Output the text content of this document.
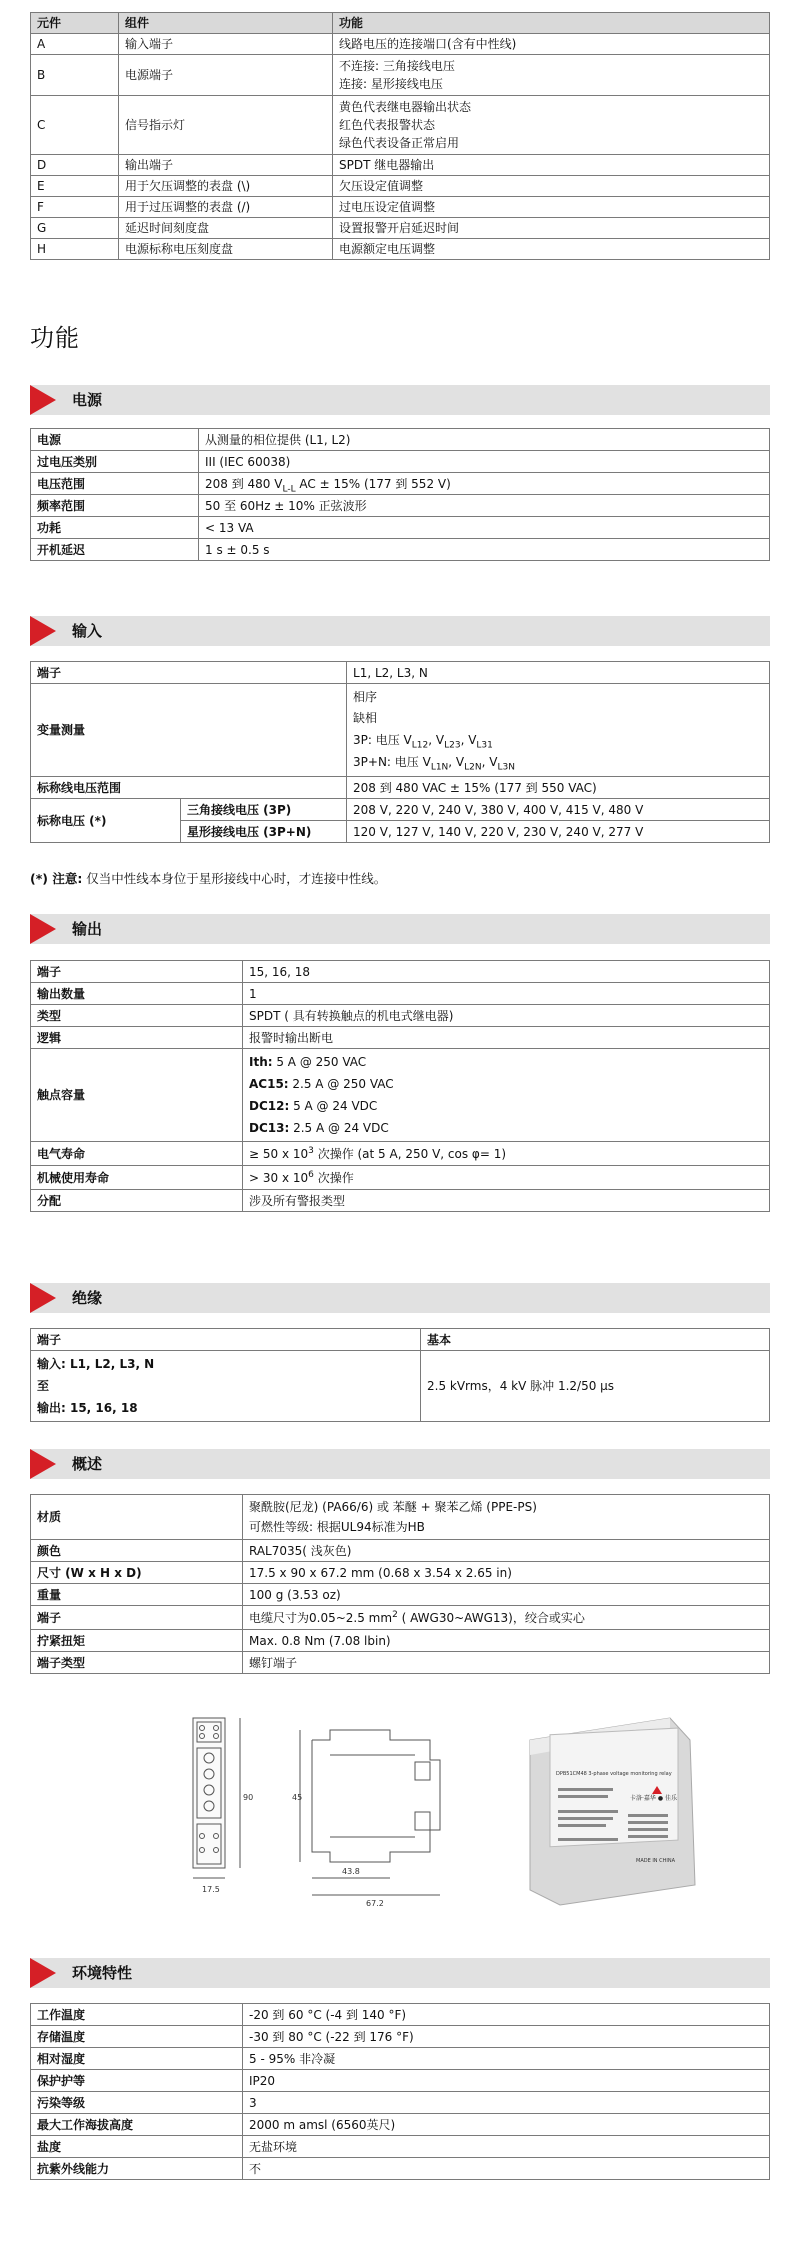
元件	组件	功能
A	输入端子	线路电压的连接端口(含有中性线)
B	电源端子	不连接: 三角接线电压
连接: 星形接线电压

C	信号指示灯	黄色代表继电器输出状态
红色代表报警状态
绿色代表设备正常启用

D	输出端子	SPDT 继电器输出
E	用于欠压调整的表盘 (\)	欠压设定值调整
F	用于过压调整的表盘 (/)	过电压设定值调整
G	延迟时间刻度盘	设置报警开启延迟时间
H	电源标称电压刻度盘	电源额定电压调整
功能
电源
电源	从测量的相位提供 (L1, L2)
过电压类别	III (IEC 60038)
电压范围	208 到 480 $V_{L-L}$ AC ± 15% (177 到 552 V)
频率范围	50 至 60Hz ± 10% 正弦波形
功耗	< 13 VA
开机延迟	1 s ± 0.5 s
输入
端子		L1, L2, L3, N
变量测量		相序
缺相
3P: 电压 $V_{L12}$, $V_{L23}$, $V_{L31}$
3P+N: 电压 $V_{L1N}$, $V_{L2N}$, $V_{L3N}$

标称线电压范围		208 到 480 VAC ± 15% (177 到 550 VAC)
标称电压 (*)	三角接线电压 (3P)	208 V, 220 V, 240 V, 380 V, 400 V, 415 V, 480 V
	星形接线电压 (3P+N)	120 V, 127 V, 140 V, 220 V, 230 V, 240 V, 277 V
(*) 注意: 仅当中性线本身位于星形接线中心时，才连接中性线。
输出
端子	15, 16, 18
输出数量	1
类型	SPDT ( 具有转换触点的机电式继电器)
逻辑	报警时输出断电
触点容量	Ith: 5 A @ 250 VAC
AC15: 2.5 A @ 250 VAC
DC12: 5 A @ 24 VDC
DC13: 2.5 A @ 24 VDC

电气寿命	≥ 50 x $10^3$ 次操作 (at 5 A, 250 V, cos φ= 1)
机械使用寿命	> 30 x $10^6$ 次操作
分配	涉及所有警报类型
绝缘
端子	基本

输入: L1, L2, L3, N
至
输出: 15, 16, 18	2.5 kVrms，4 kV 脉冲 1.2/50 μs
概述
材质	聚酰胺(尼龙) (PA66/6) 或 苯醚 + 聚苯乙烯 (PPE-PS)
可燃性等级: 根据UL94标准为HB

颜色	RAL7035( 浅灰色)
尺寸 (W x H x D)	17.5 x 90 x 67.2 mm (0.68 x 3.54 x 2.65 in)
重量	100 g (3.53 oz)
端子	电缆尺寸为0.05~2.5 $mm^2$ ( AWG30~AWG13)，绞合或实心
拧紧扭矩	Max. 0.8 Nm (7.08 lbin)
端子类型	螺钉端子
17.5
90	45
43.8
67.2
DPB51CM48 3-phase voltage monitoring relay
卡洛·嘉华 ● 佳乐
MADE IN CHINA
环境特性
工作温度	-20 到 60 °C (-4 到 140 °F)
存储温度	-30 到 80 °C (-22 到 176 °F)
相对湿度	5 - 95% 非冷凝
保护护等	IP20
污染等级	3
最大工作海拔高度	2000 m amsl (6560英尺)
盐度	无盐环境
抗紫外线能力	不
